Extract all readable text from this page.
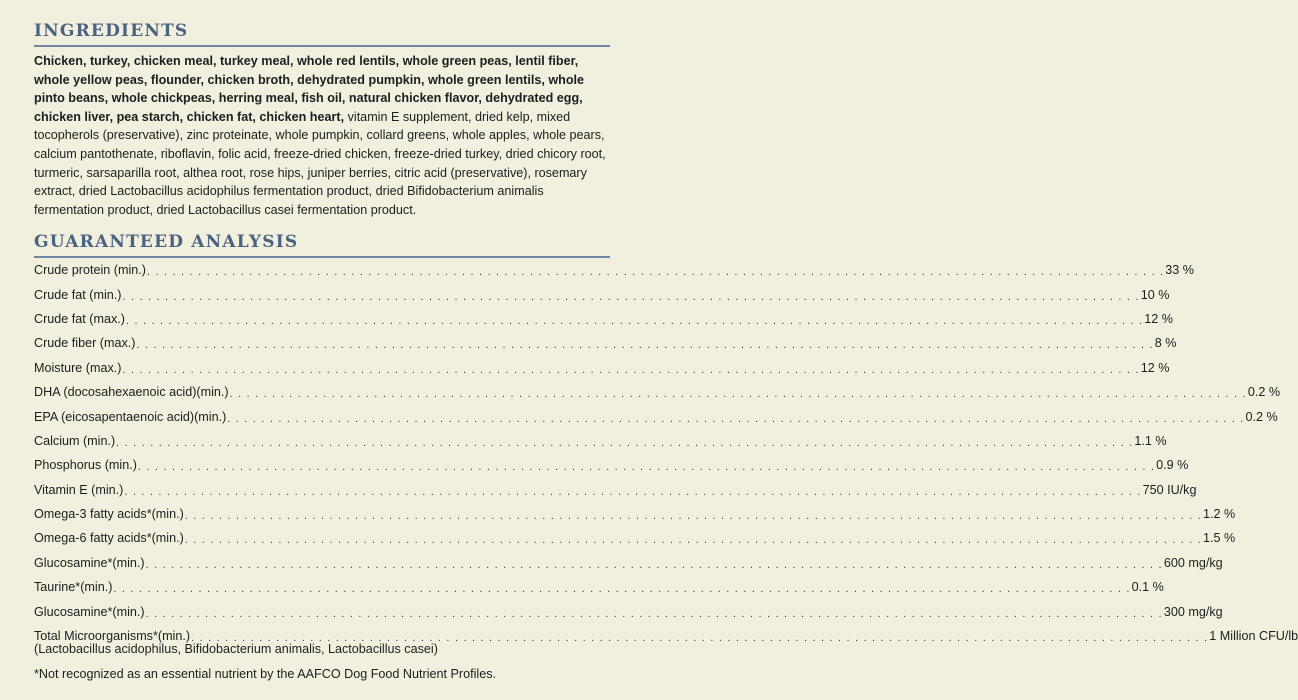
INGREDIENTS
Chicken, turkey, chicken meal, turkey meal, whole red lentils, whole green peas, lentil fiber, whole yellow peas, flounder, chicken broth, dehydrated pumpkin, whole green lentils, whole pinto beans, whole chickpeas, herring meal, fish oil, natural chicken flavor, dehydrated egg, chicken liver, pea starch, chicken fat, chicken heart, vitamin E supplement, dried kelp, mixed tocopherols (preservative), zinc proteinate, whole pumpkin, collard greens, whole apples, whole pears, calcium pantothenate, riboflavin, folic acid, freeze-dried chicken, freeze-dried turkey, dried chicory root, turmeric, sarsaparilla root, althea root, rose hips, juniper berries, citric acid (preservative), rosemary extract, dried Lactobacillus acidophilus fermentation product, dried Bifidobacterium animalis fermentation product, dried Lactobacillus casei fermentation product.
GUARANTEED ANALYSIS
Crude protein (min.) . . . . . . . . . . . . . . . . . . . . . . . . . . . . . . . . . . . . . . . . . . . . . . . . . . . . . . . . . . . . . . . . . . . . . . . . . . . . . . . . . . . . . . . . . . . . . . . . . . . . . . . . . . . . . . . . . . . . . . . . 33 %
Crude fat (min.) . . . . . . . . . . . . . . . . . . . . . . . . . . . . . . . . . . . . . . . . . . . . . . . . . . . . . . . . . . . . . . . . . . . . . . . . . . . . . . . . . . . . . . . . . . . . . . . . . . . . . . . . . . . . . . . . . . . . . . . . 10 %
Crude fat (max.) . . . . . . . . . . . . . . . . . . . . . . . . . . . . . . . . . . . . . . . . . . . . . . . . . . . . . . . . . . . . . . . . . . . . . . . . . . . . . . . . . . . . . . . . . . . . . . . . . . . . . . . . . . . . . . . . . . . . . . . . 12 %
Crude fiber (max.) . . . . . . . . . . . . . . . . . . . . . . . . . . . . . . . . . . . . . . . . . . . . . . . . . . . . . . . . . . . . . . . . . . . . . . . . . . . . . . . . . . . . . . . . . . . . . . . . . . . . . . . . . . . . . . . . . . . . . . . . 8 %
Moisture (max.) . . . . . . . . . . . . . . . . . . . . . . . . . . . . . . . . . . . . . . . . . . . . . . . . . . . . . . . . . . . . . . . . . . . . . . . . . . . . . . . . . . . . . . . . . . . . . . . . . . . . . . . . . . . . . . . . . . . . . . . . 12 %
DHA (docosahexaenoic acid)(min.) . . . . . . . . . . . . . . . . . . . . . . . . . . . . . . . . . . . . . . . . . . . . . . . . . . . . . . . . . . . . . . . . . . . . . . . . . . . . . . . . . . . . . . . . . . . . . . . . . . . . . . . . . . . . . . . . . . . . . . . . 0.2 %
EPA (eicosapentaenoic acid)(min.) . . . . . . . . . . . . . . . . . . . . . . . . . . . . . . . . . . . . . . . . . . . . . . . . . . . . . . . . . . . . . . . . . . . . . . . . . . . . . . . . . . . . . . . . . . . . . . . . . . . . . . . . . . . . . . . . . . . . . . . . 0.2 %
Calcium (min.) . . . . . . . . . . . . . . . . . . . . . . . . . . . . . . . . . . . . . . . . . . . . . . . . . . . . . . . . . . . . . . . . . . . . . . . . . . . . . . . . . . . . . . . . . . . . . . . . . . . . . . . . . . . . . . . . . . . . . . . . 1.1 %
Phosphorus (min.) . . . . . . . . . . . . . . . . . . . . . . . . . . . . . . . . . . . . . . . . . . . . . . . . . . . . . . . . . . . . . . . . . . . . . . . . . . . . . . . . . . . . . . . . . . . . . . . . . . . . . . . . . . . . . . . . . . . . . . . . 0.9 %
Vitamin E (min.) . . . . . . . . . . . . . . . . . . . . . . . . . . . . . . . . . . . . . . . . . . . . . . . . . . . . . . . . . . . . . . . . . . . . . . . . . . . . . . . . . . . . . . . . . . . . . . . . . . . . . . . . . . . . . . . . . . . . . . . . 750 IU/kg
Omega-3 fatty acids*(min.) . . . . . . . . . . . . . . . . . . . . . . . . . . . . . . . . . . . . . . . . . . . . . . . . . . . . . . . . . . . . . . . . . . . . . . . . . . . . . . . . . . . . . . . . . . . . . . . . . . . . . . . . . . . . . . . . . . . . . . . . 1.2 %
Omega-6 fatty acids*(min.) . . . . . . . . . . . . . . . . . . . . . . . . . . . . . . . . . . . . . . . . . . . . . . . . . . . . . . . . . . . . . . . . . . . . . . . . . . . . . . . . . . . . . . . . . . . . . . . . . . . . . . . . . . . . . . . . . . . . . . . . 1.5 %
Glucosamine*(min.) . . . . . . . . . . . . . . . . . . . . . . . . . . . . . . . . . . . . . . . . . . . . . . . . . . . . . . . . . . . . . . . . . . . . . . . . . . . . . . . . . . . . . . . . . . . . . . . . . . . . . . . . . . . . . . . . . . . . . . . . 600 mg/kg
Taurine*(min.) . . . . . . . . . . . . . . . . . . . . . . . . . . . . . . . . . . . . . . . . . . . . . . . . . . . . . . . . . . . . . . . . . . . . . . . . . . . . . . . . . . . . . . . . . . . . . . . . . . . . . . . . . . . . . . . . . . . . . . . . 0.1 %
Glucosamine*(min.) . . . . . . . . . . . . . . . . . . . . . . . . . . . . . . . . . . . . . . . . . . . . . . . . . . . . . . . . . . . . . . . . . . . . . . . . . . . . . . . . . . . . . . . . . . . . . . . . . . . . . . . . . . . . . . . . . . . . . . . . 300 mg/kg
Total Microorganisms*(min.) . . . . . . . . . . . . . . . . . . . . . . . . . . . . . . . . . . . . . . . . . . . . . . . . . . . . . . . . . . . . . . . . . . . . . . . . . . . . . . . . . . . . . . . . . . . . . . . . . . . . . . . . . . . . . . . . . . . . . . . . 1 Million CFU/lb
(Lactobacillus acidophilus, Bifidobacterium animalis, Lactobacillus casei)
*Not recognized as an essential nutrient by the AAFCO Dog Food Nutrient Profiles.
